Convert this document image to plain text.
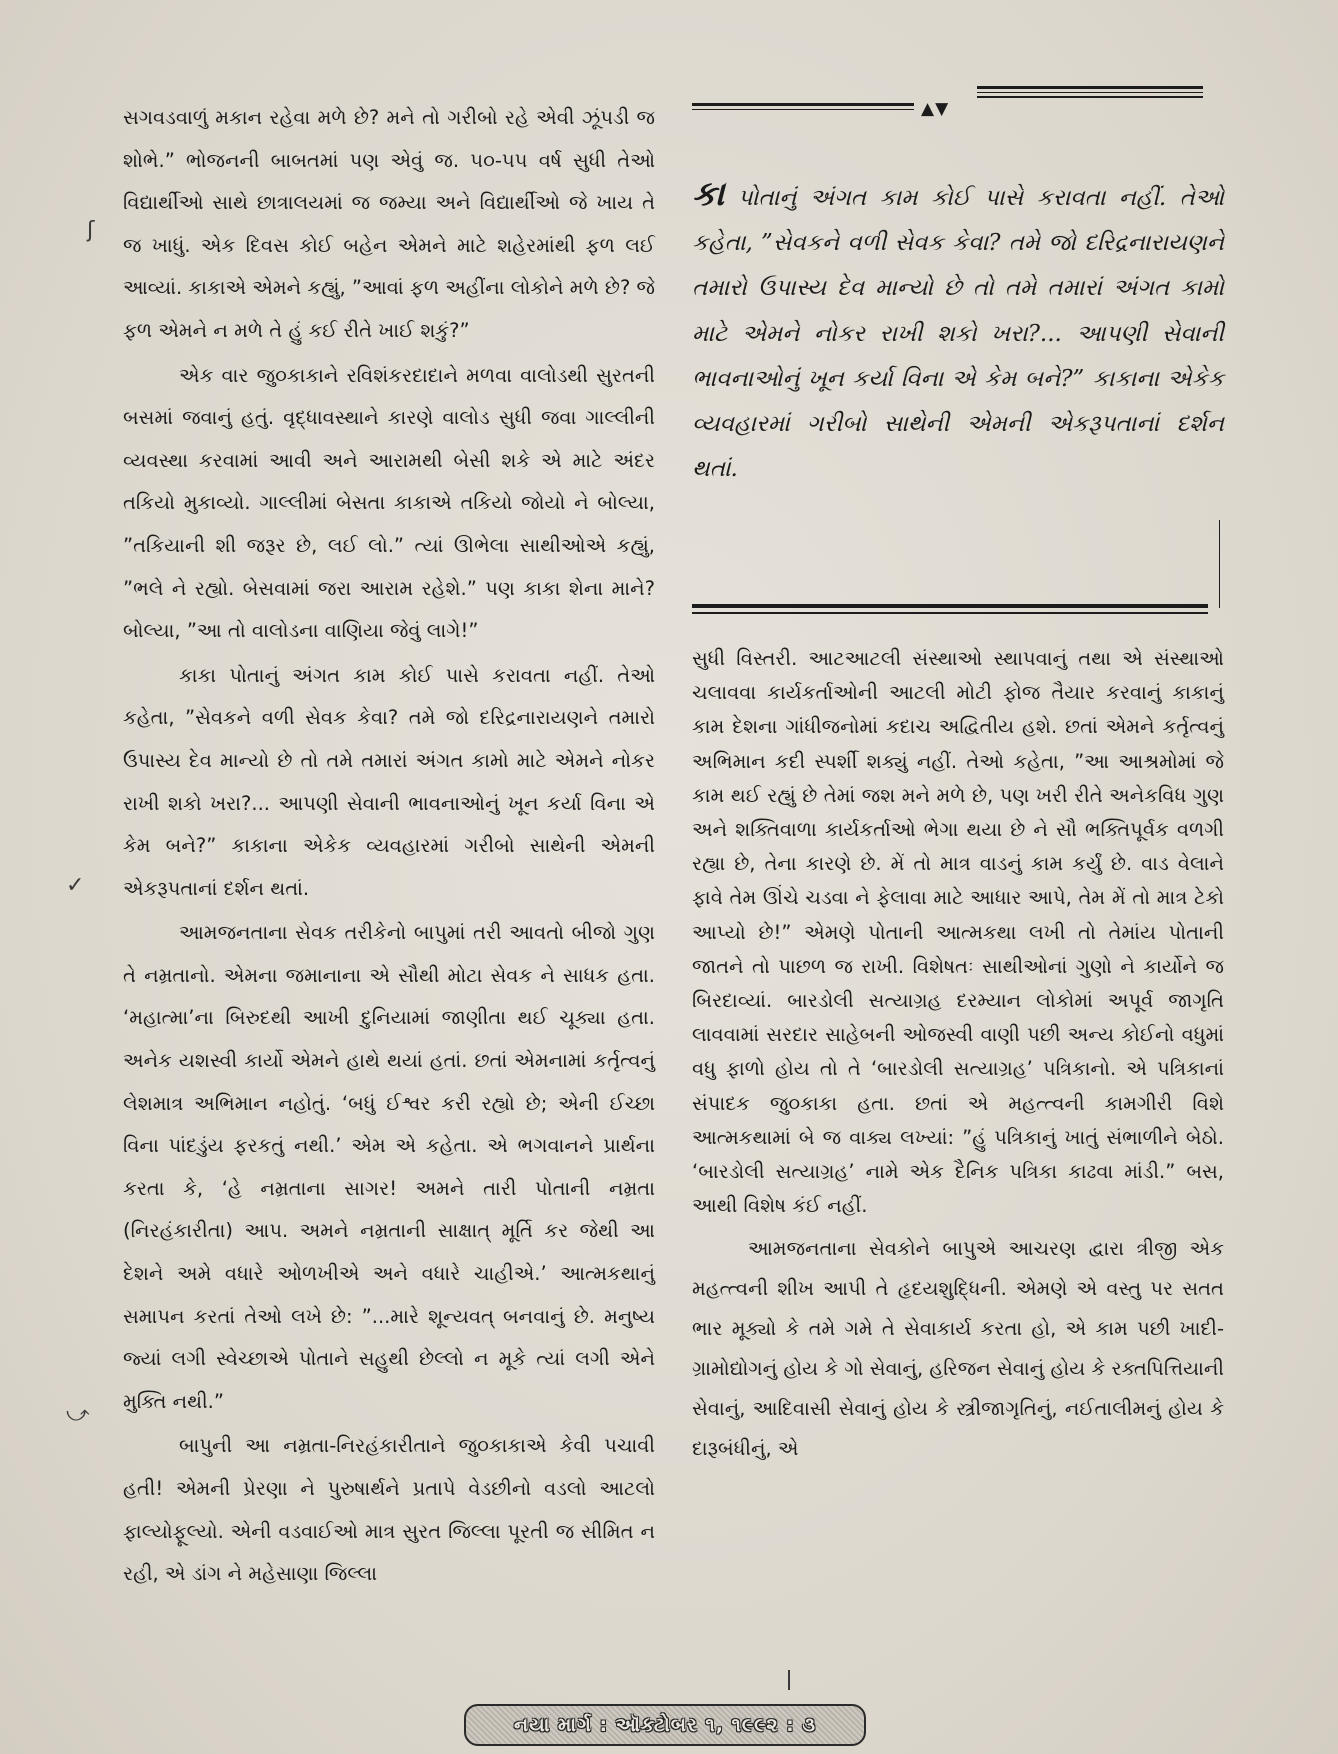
સગવડવાળું મકાન રહેવા મળે છે? મને તો ગરીબો રહે એવી ઝૂંપડી જ શોભે.” ભોજનની બાબતમાં પણ એવું જ. ૫૦-૫૫ વર્ષ સુધી તેઓ વિદ્યાર્થીઓ સાથે છાત્રાલયમાં જ જમ્યા અને વિદ્યાર્થીઓ જે ખાય તે જ ખાધું. એક દિવસ કોઈ બહેન એમને માટે શહેરમાંથી ફળ લઈ આવ્યાં. કાકાએ એમને કહ્યું, ”આવાં ફળ અહીંના લોકોને મળે છે? જે ફળ એમને ન મળે તે હું કઈ રીતે ખાઈ શકું?”

એક વાર જુ૦કાકાને રવિશંકરદાદાને મળવા વાલોડથી સુરતની બસમાં જવાનું હતું. વૃદ્ધાવસ્થાને કારણે વાલોડ સુધી જવા ગાલ્લીની વ્યવસ્થા કરવામાં આવી અને આરામથી બેસી શકે એ માટે અંદર તકિયો મુકાવ્યો. ગાલ્લીમાં બેસતા કાકાએ તકિયો જોયો ને બોલ્યા, ”તકિયાની શી જરૂર છે, લઈ લો.” ત્યાં ઊભેલા સાથીઓએ કહ્યું, ”ભલે ને રહ્યો. બેસવામાં જરા આરામ રહેશે.” પણ કાકા શેના માને? બોલ્યા, ”આ તો વાલોડના વાણિયા જેવું લાગે!”

કાકા પોતાનું અંગત કામ કોઈ પાસે કરાવતા નહીં. તેઓ કહેતા, ”સેવકને વળી સેવક કેવા? તમે જો દરિદ્રનારાયણને તમારો ઉપાસ્ય દેવ માન્યો છે તો તમે તમારાં અંગત કામો માટે એમને નોકર રાખી શકો ખરા?... આપણી સેવાની ભાવનાઓનું ખૂન કર્યા વિના એ કેમ બને?” કાકાના એકેક વ્યવહારમાં ગરીબો સાથેની એમની એકરૂપતાનાં દર્શન થતાં.

આમજનતાના સેવક તરીકેનો બાપુમાં તરી આવતો બીજો ગુણ તે નમ્રતાનો. એમના જમાનાના એ સૌથી મોટા સેવક ને સાધક હતા. ‘મહાત્મા’ના બિરુદથી આખી દુનિયામાં જાણીતા થઈ ચૂક્યા હતા. અનેક યશસ્વી કાર્યો એમને હાથે થયાં હતાં. છતાં એમનામાં કર્તૃત્વનું લેશમાત્ર અભિમાન નહોતું. ‘બધું ઈશ્વર કરી રહ્યો છે; એની ઈચ્છા વિના પાંદડુંય ફરકતું નથી.’ એમ એ કહેતા. એ ભગવાનને પ્રાર્થના કરતા કે, ‘હે નમ્રતાના સાગર! અમને તારી પોતાની નમ્રતા (નિરહંકારીતા) આપ. અમને નમ્રતાની સાક્ષાત્ મૂર્તિ કર જેથી આ દેશને અમે વધારે ઓળખીએ અને વધારે ચાહીએ.’ આત્મકથાનું સમાપન કરતાં તેઓ લખે છે: ”...મારે શૂન્યવત્ બનવાનું છે. મનુષ્ય જ્યાં લગી સ્વેચ્છાએ પોતાને સહુથી છેલ્લો ન મૂકે ત્યાં લગી એને મુક્તિ નથી.”

બાપુની આ નમ્રતા-નિરહંકારીતાને જુ૦કાકાએ કેવી પચાવી હતી! એમની પ્રેરણા ને પુરુષાર્થને પ્રતાપે વેડછીનો વડલો આટલો ફાલ્યોફૂલ્યો. એની વડવાઈઓ માત્ર સુરત જિલ્લા પૂરતી જ સીમિત ન રહી, એ ડાંગ ને મહેસાણા જિલ્લા

▲▼

કા પોતાનું અંગત કામ કોઈ પાસે કરાવતા નહીં. તેઓ કહેતા, ”સેવકને વળી સેવક કેવા? તમે જો દરિદ્રનારાયણને તમારો ઉપાસ્ય દેવ માન્યો છે તો તમે તમારાં અંગત કામો માટે એમને નોકર રાખી શકો ખરા?... આપણી સેવાની ભાવનાઓનું ખૂન કર્યા વિના એ કેમ બને?” કાકાના એકેક વ્યવહારમાં ગરીબો સાથેની એમની એકરૂપતાનાં દર્શન થતાં.

સુધી વિસ્તરી. આટઆટલી સંસ્થાઓ સ્થાપવાનું તથા એ સંસ્થાઓ ચલાવવા કાર્યકર્તાઓની આટલી મોટી ફોજ તૈયાર કરવાનું કાકાનું કામ દેશના ગાંધીજનોમાં કદાચ અદ્વિતીય હશે. છતાં એમને કર્તૃત્વનું અભિમાન કદી સ્પર્શી શક્યું નહીં. તેઓ કહેતા, ”આ આશ્રમોમાં જે કામ થઈ રહ્યું છે તેમાં જશ મને મળે છે, પણ ખરી રીતે અનેકવિધ ગુણ અને શક્તિવાળા કાર્યકર્તાઓ ભેગા થયા છે ને સૌ ભક્તિપૂર્વક વળગી રહ્યા છે, તેના કારણે છે. મેં તો માત્ર વાડનું કામ કર્યું છે. વાડ વેલાને ફાવે તેમ ઊંચે ચડવા ને ફેલાવા માટે આધાર આપે, તેમ મેં તો માત્ર ટેકો આપ્યો છે!” એમણે પોતાની આત્મકથા લખી તો તેમાંય પોતાની જાતને તો પાછળ જ રાખી. વિશેષતઃ સાથીઓનાં ગુણો ને કાર્યોને જ બિરદાવ્યાં. બારડોલી સત્યાગ્રહ દરમ્યાન લોકોમાં અપૂર્વ જાગૃતિ લાવવામાં સરદાર સાહેબની ઓજસ્વી વાણી પછી અન્ય કોઈનો વધુમાં વધુ ફાળો હોય તો તે ‘બારડોલી સત્યાગ્રહ’ પત્રિકાનો. એ પત્રિકાનાં સંપાદક જુ૦કાકા હતા. છતાં એ મહત્ત્વની કામગીરી વિશે આત્મકથામાં બે જ વાક્ય લખ્યાં: ”હું પત્રિકાનું ખાતું સંભાળીને બેઠો. ‘બારડોલી સત્યાગ્રહ’ નામે એક દૈનિક પત્રિકા કાઢવા માંડી.” બસ, આથી વિશેષ કંઈ નહીં.

આમજનતાના સેવકોને બાપુએ આચરણ દ્વારા ત્રીજી એક મહત્ત્વની શીખ આપી તે હૃદયશુદ્ધિની. એમણે એ વસ્તુ પર સતત ભાર મૂક્યો કે તમે ગમે તે સેવાકાર્ય કરતા હો, એ કામ પછી ખાદી-ગ્રામોદ્યોગનું હોય કે ગો સેવાનું, હરિજન સેવાનું હોય કે રક્તપિત્તિયાની સેવાનું, આદિવાસી સેવાનું હોય કે સ્ત્રીજાગૃતિનું, નઈતાલીમનું હોય કે દારૂબંધીનું, એ

ʃ
✓
⤻
નયા માર્ગ : ઑક્ટોબર ૧, ૧૯૯૨ : ૩
